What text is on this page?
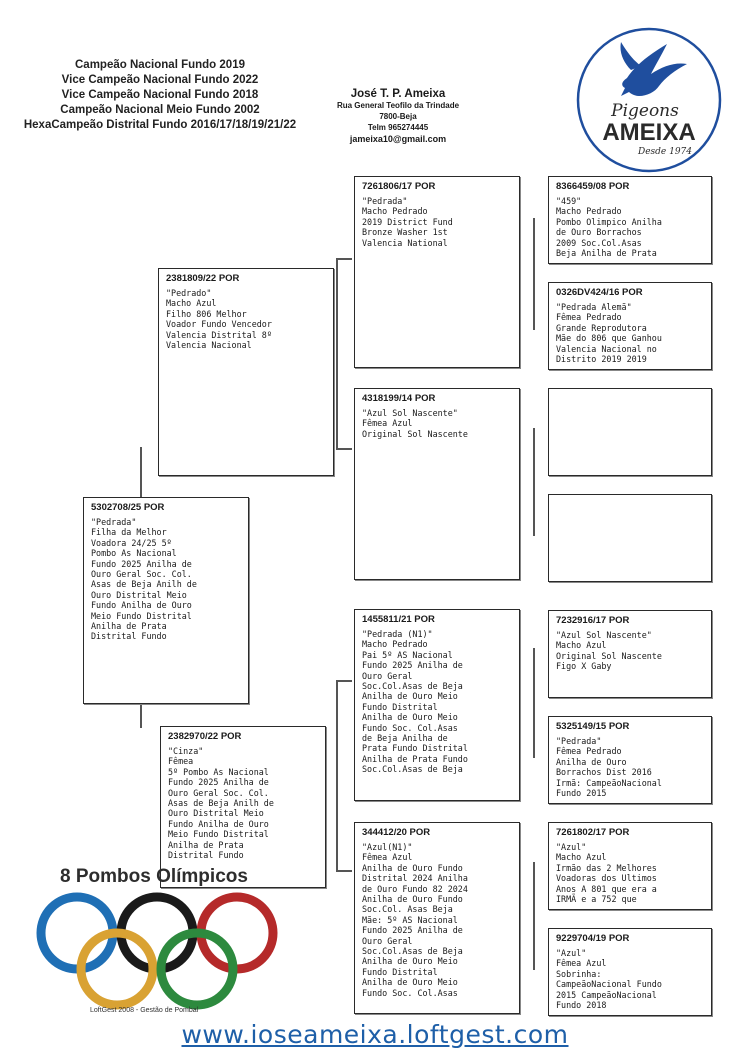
Campeão Nacional Fundo 2019
Vice Campeão Nacional Fundo 2022
Vice Campeão Nacional Fundo 2018
Campeão Nacional Meio Fundo 2002
HexaCampeão Distrital Fundo 2016/17/18/19/21/22
José T. P. Ameixa
Rua General Teofilo da Trindade
7800-Beja
Telm 965274445
jameixa10@gmail.com
Pigeons
AMEIXA
Desde 1974
5302708/25 POR
"Pedrada"
Filha da Melhor
Voadora 24/25 5º
Pombo As Nacional
Fundo 2025 Anilha de
Ouro Geral Soc. Col.
Asas de Beja Anilh de
Ouro Distrital Meio
Fundo Anilha de Ouro
Meio Fundo Distrital
Anilha de Prata
Distrital Fundo
2381809/22 POR
"Pedrado"
Macho Azul
Filho 806 Melhor
Voador Fundo Vencedor
Valencia Distrital 8º
Valencia Nacional
2382970/22 POR
"Cinza"
Fêmea
5º Pombo As Nacional
Fundo 2025 Anilha de
Ouro Geral Soc. Col.
Asas de Beja Anilh de
Ouro Distrital Meio
Fundo Anilha de Ouro
Meio Fundo Distrital
Anilha de Prata
Distrital Fundo
7261806/17 POR
"Pedrada"
Macho Pedrado
2019 District Fund
Bronze Washer 1st
Valencia National
4318199/14 POR
"Azul Sol Nascente"
Fêmea Azul
Original Sol Nascente
1455811/21 POR
"Pedrada (N1)"
Macho Pedrado
Pai 5º AS Nacional
Fundo 2025 Anilha de
Ouro Geral
Soc.Col.Asas de Beja
Anilha de Ouro Meio
Fundo Distrital
Anilha de Ouro Meio
Fundo Soc. Col.Asas
de Beja Anilha de
Prata Fundo Distrital
Anilha de Prata Fundo
Soc.Col.Asas de Beja
344412/20 POR
"Azul(N1)"
Fêmea Azul
Anilha de Ouro Fundo
Distrital 2024 Anilha
de Ouro Fundo 82 2024
Anilha de Ouro Fundo
Soc.Col. Asas Beja
Mãe: 5º AS Nacional
Fundo 2025 Anilha de
Ouro Geral
Soc.Col.Asas de Beja
Anilha de Ouro Meio
Fundo Distrital
Anilha de Ouro Meio
Fundo Soc. Col.Asas
8366459/08 POR
"459"
Macho Pedrado
Pombo Olimpico Anilha
de Ouro Borrachos
2009 Soc.Col.Asas
Beja Anilha de Prata
0326DV424/16 POR
"Pedrada Alemã"
Fêmea Pedrado
Grande Reprodutora
Mãe do 806 que Ganhou
Valencia Nacional no
Distrito 2019 2019
7232916/17 POR
"Azul Sol Nascente"
Macho Azul
Original Sol Nascente
Figo X Gaby
5325149/15 POR
"Pedrada"
Fêmea Pedrado
Anilha de Ouro
Borrachos Dist 2016
Irmã: CampeãoNacional
Fundo 2015
7261802/17 POR
"Azul"
Macho Azul
Irmão das 2 Melhores
Voadoras dos Ultimos
Anos A 801 que era a
IRMÃ e a 752 que
9229704/19 POR
"Azul"
Fêmea Azul
Sobrinha:
CampeãoNacional Fundo
2015 CampeãoNacional
Fundo 2018
8 Pombos Olímpicos
LoftGest 2008 - Gestão de Pombal
www.ioseameixa.loftgest.com
